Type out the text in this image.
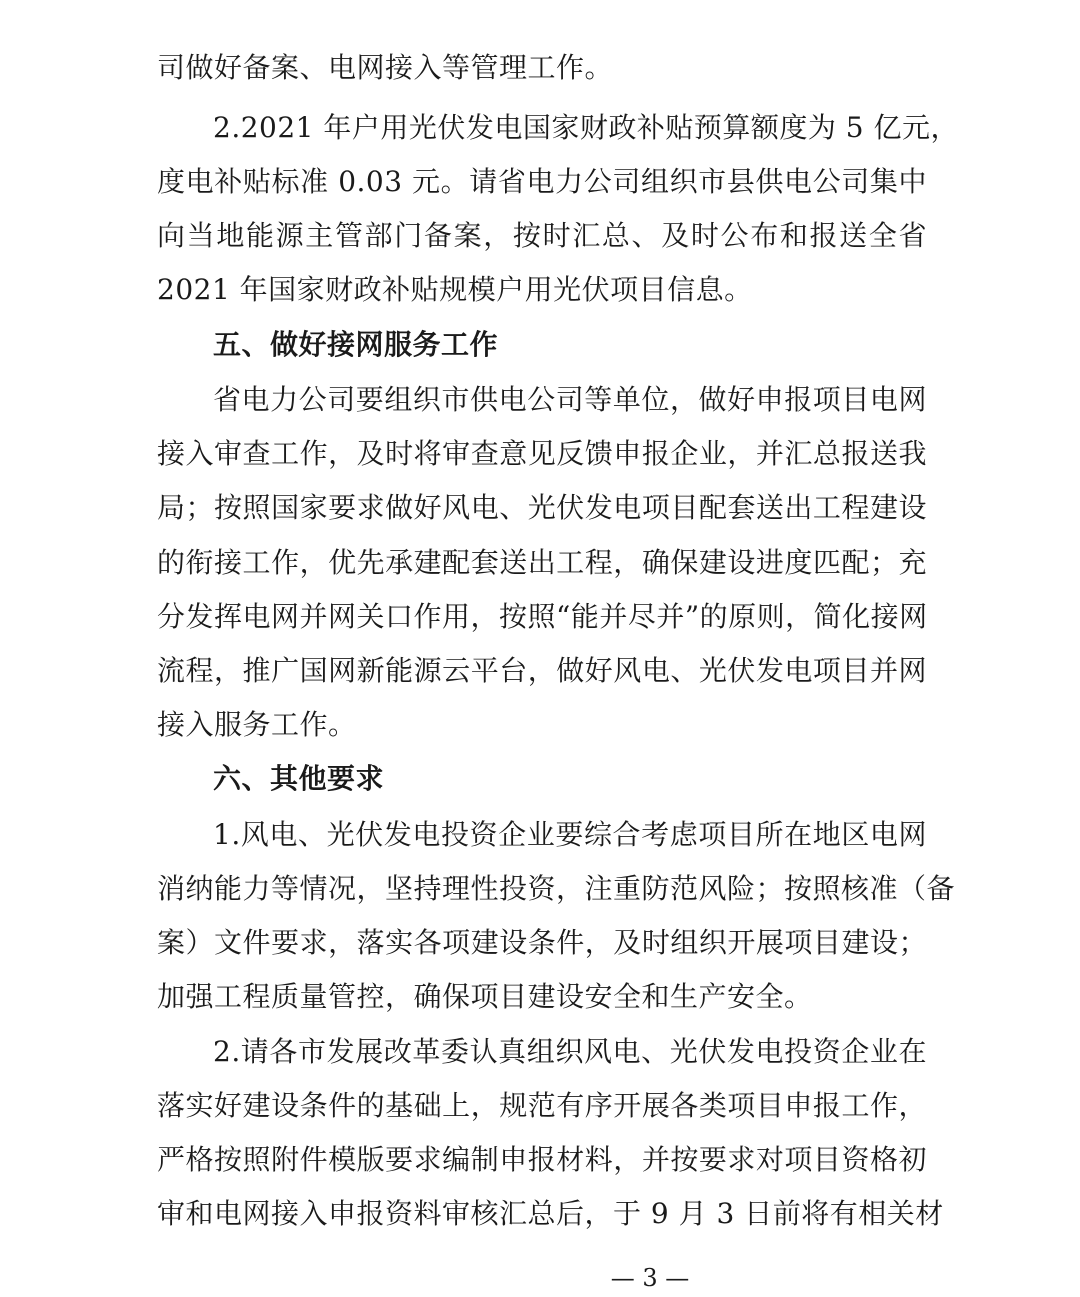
司做好备案、电网接入等管理工作。
2.2021 年户用光伏发电国家财政补贴预算额度为 5 亿元，
度电补贴标准 0.03 元。请省电力公司组织市县供电公司集中
向当地能源主管部门备案，按时汇总、及时公布和报送全省
2021 年国家财政补贴规模户用光伏项目信息。
五、做好接网服务工作
省电力公司要组织市供电公司等单位，做好申报项目电网
接入审查工作，及时将审查意见反馈申报企业，并汇总报送我
局；按照国家要求做好风电、光伏发电项目配套送出工程建设
的衔接工作，优先承建配套送出工程，确保建设进度匹配；充
分发挥电网并网关口作用，按照“能并尽并”的原则，简化接网
流程，推广国网新能源云平台，做好风电、光伏发电项目并网
接入服务工作。
六、其他要求
1.风电、光伏发电投资企业要综合考虑项目所在地区电网
消纳能力等情况，坚持理性投资，注重防范风险；按照核准（备
案）文件要求，落实各项建设条件，及时组织开展项目建设；
加强工程质量管控，确保项目建设安全和生产安全。
2.请各市发展改革委认真组织风电、光伏发电投资企业在
落实好建设条件的基础上，规范有序开展各类项目申报工作，
严格按照附件模版要求编制申报材料，并按要求对项目资格初
审和电网接入申报资料审核汇总后，于 9 月 3 日前将有相关材
— 3 —
